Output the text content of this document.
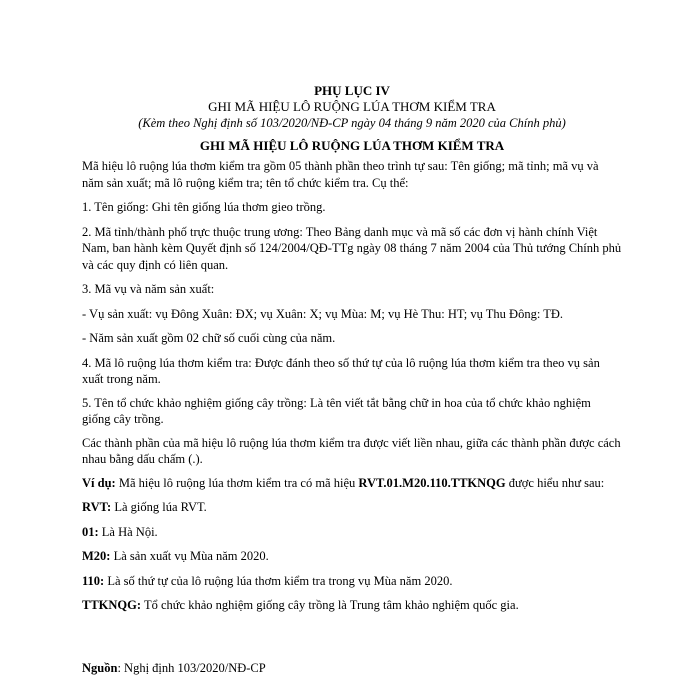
PHỤ LỤC IV
GHI MÃ HIỆU LÔ RUỘNG LÚA THƠM KIỂM TRA
(Kèm theo Nghị định số 103/2020/NĐ-CP ngày 04 tháng 9 năm 2020 của Chính phủ)
GHI MÃ HIỆU LÔ RUỘNG LÚA THƠM KIỂM TRA

Mã hiệu lô ruộng lúa thơm kiểm tra gồm 05 thành phần theo trình tự sau: Tên giống; mã tỉnh; mã vụ và năm sản xuất; mã lô ruộng kiểm tra; tên tổ chức kiểm tra. Cụ thể:

1. Tên giống: Ghi tên giống lúa thơm gieo trồng.

2. Mã tỉnh/thành phố trực thuộc trung ương: Theo Bảng danh mục và mã số các đơn vị hành chính Việt Nam, ban hành kèm Quyết định số 124/2004/QĐ-TTg ngày 08 tháng 7 năm 2004 của Thủ tướng Chính phủ và các quy định có liên quan.

3. Mã vụ và năm sản xuất:

- Vụ sản xuất: vụ Đông Xuân: ĐX; vụ Xuân: X; vụ Mùa: M; vụ Hè Thu: HT; vụ Thu Đông: TĐ.

- Năm sản xuất gồm 02 chữ số cuối cùng của năm.

4. Mã lô ruộng lúa thơm kiểm tra: Được đánh theo số thứ tự của lô ruộng lúa thơm kiểm tra theo vụ sản xuất trong năm.

5. Tên tổ chức khảo nghiệm giống cây trồng: Là tên viết tắt bằng chữ in hoa của tổ chức khảo nghiệm giống cây trồng.

Các thành phần của mã hiệu lô ruộng lúa thơm kiểm tra được viết liền nhau, giữa các thành phần được cách nhau bằng dấu chấm (.).

Ví dụ: Mã hiệu lô ruộng lúa thơm kiểm tra có mã hiệu RVT.01.M20.110.TTKNQG được hiểu như sau:

RVT: Là giống lúa RVT.

01: Là Hà Nội.

M20: Là sản xuất vụ Mùa năm 2020.

110: Là số thứ tự của lô ruộng lúa thơm kiểm tra trong vụ Mùa năm 2020.

TTKNQG: Tổ chức khảo nghiệm giống cây trồng là Trung tâm khảo nghiệm quốc gia.

Nguồn: Nghị định 103/2020/NĐ-CP
